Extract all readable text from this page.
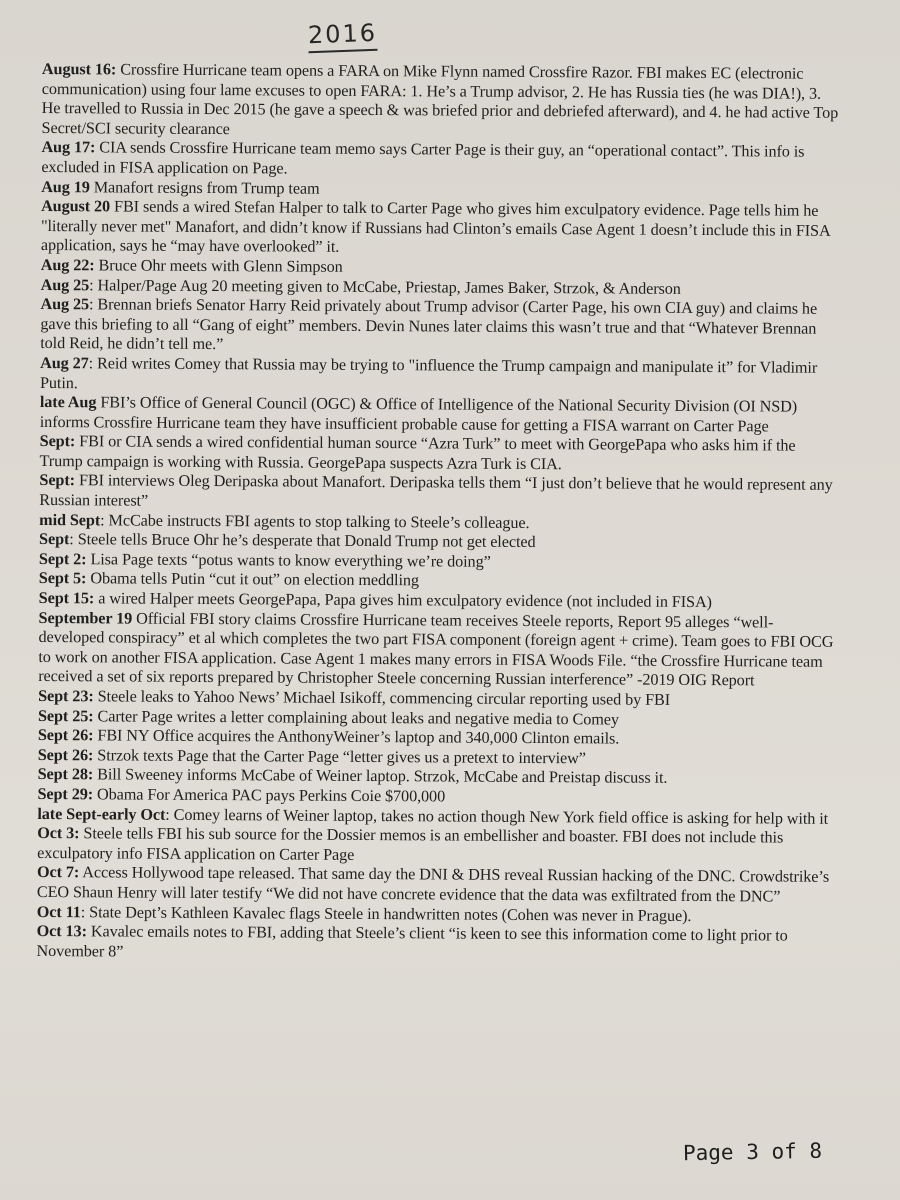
2016

August 16: Crossfire Hurricane team opens a FARA on Mike Flynn named Crossfire Razor. FBI makes EC (electronic communication) using four lame excuses to open FARA: 1. He’s a Trump advisor, 2. He has Russia ties (he was DIA!), 3. He travelled to Russia in Dec 2015 (he gave a speech & was briefed prior and debriefed afterward), and 4. he had active Top Secret/SCI security clearance

Aug 17: CIA sends Crossfire Hurricane team memo says Carter Page is their guy, an “operational contact”. This info is excluded in FISA application on Page.

Aug 19 Manafort resigns from Trump team

August 20 FBI sends a wired Stefan Halper to talk to Carter Page who gives him exculpatory evidence. Page tells him he "literally never met" Manafort, and didn’t know if Russians had Clinton’s emails Case Agent 1 doesn’t include this in FISA application, says he “may have overlooked” it.

Aug 22: Bruce Ohr meets with Glenn Simpson

Aug 25: Halper/Page Aug 20 meeting given to McCabe, Priestap, James Baker, Strzok, & Anderson

Aug 25: Brennan briefs Senator Harry Reid privately about Trump advisor (Carter Page, his own CIA guy) and claims he gave this briefing to all “Gang of eight” members. Devin Nunes later claims this wasn’t true and that “Whatever Brennan told Reid, he didn’t tell me.”

Aug 27: Reid writes Comey that Russia may be trying to "influence the Trump campaign and manipulate it” for Vladimir Putin.

late Aug FBI’s Office of General Council (OGC) & Office of Intelligence of the National Security Division (OI NSD) informs Crossfire Hurricane team they have insufficient probable cause for getting a FISA warrant on Carter Page

Sept: FBI or CIA sends a wired confidential human source “Azra Turk” to meet with GeorgePapa who asks him if the Trump campaign is working with Russia. GeorgePapa suspects Azra Turk is CIA.

Sept: FBI interviews Oleg Deripaska about Manafort. Deripaska tells them “I just don’t believe that he would represent any Russian interest”

mid Sept: McCabe instructs FBI agents to stop talking to Steele’s colleague.

Sept: Steele tells Bruce Ohr he’s desperate that Donald Trump not get elected

Sept 2: Lisa Page texts “potus wants to know everything we’re doing”

Sept 5: Obama tells Putin “cut it out” on election meddling

Sept 15: a wired Halper meets GeorgePapa, Papa gives him exculpatory evidence (not included in FISA)

September 19 Official FBI story claims Crossfire Hurricane team receives Steele reports, Report 95 alleges “well-developed conspiracy” et al which completes the two part FISA component (foreign agent + crime). Team goes to FBI OCG to work on another FISA application. Case Agent 1 makes many errors in FISA Woods File. “the Crossfire Hurricane team received a set of six reports prepared by Christopher Steele concerning Russian interference” -2019 OIG Report

Sept 23: Steele leaks to Yahoo News’ Michael Isikoff, commencing circular reporting used by FBI

Sept 25: Carter Page writes a letter complaining about leaks and negative media to Comey

Sept 26: FBI NY Office acquires the AnthonyWeiner’s laptop and 340,000 Clinton emails.

Sept 26: Strzok texts Page that the Carter Page “letter gives us a pretext to interview”

Sept 28: Bill Sweeney informs McCabe of Weiner laptop. Strzok, McCabe and Preistap discuss it.

Sept 29: Obama For America PAC pays Perkins Coie $700,000

late Sept-early Oct: Comey learns of Weiner laptop, takes no action though New York field office is asking for help with it

Oct 3: Steele tells FBI his sub source for the Dossier memos is an embellisher and boaster. FBI does not include this exculpatory info FISA application on Carter Page

Oct 7: Access Hollywood tape released. That same day the DNI & DHS reveal Russian hacking of the DNC. Crowdstrike’s CEO Shaun Henry will later testify “We did not have concrete evidence that the data was exfiltrated from the DNC”

Oct 11: State Dept’s Kathleen Kavalec flags Steele in handwritten notes (Cohen was never in Prague).

Oct 13: Kavalec emails notes to FBI, adding that Steele’s client “is keen to see this information come to light prior to November 8”

Page 3 of 8
